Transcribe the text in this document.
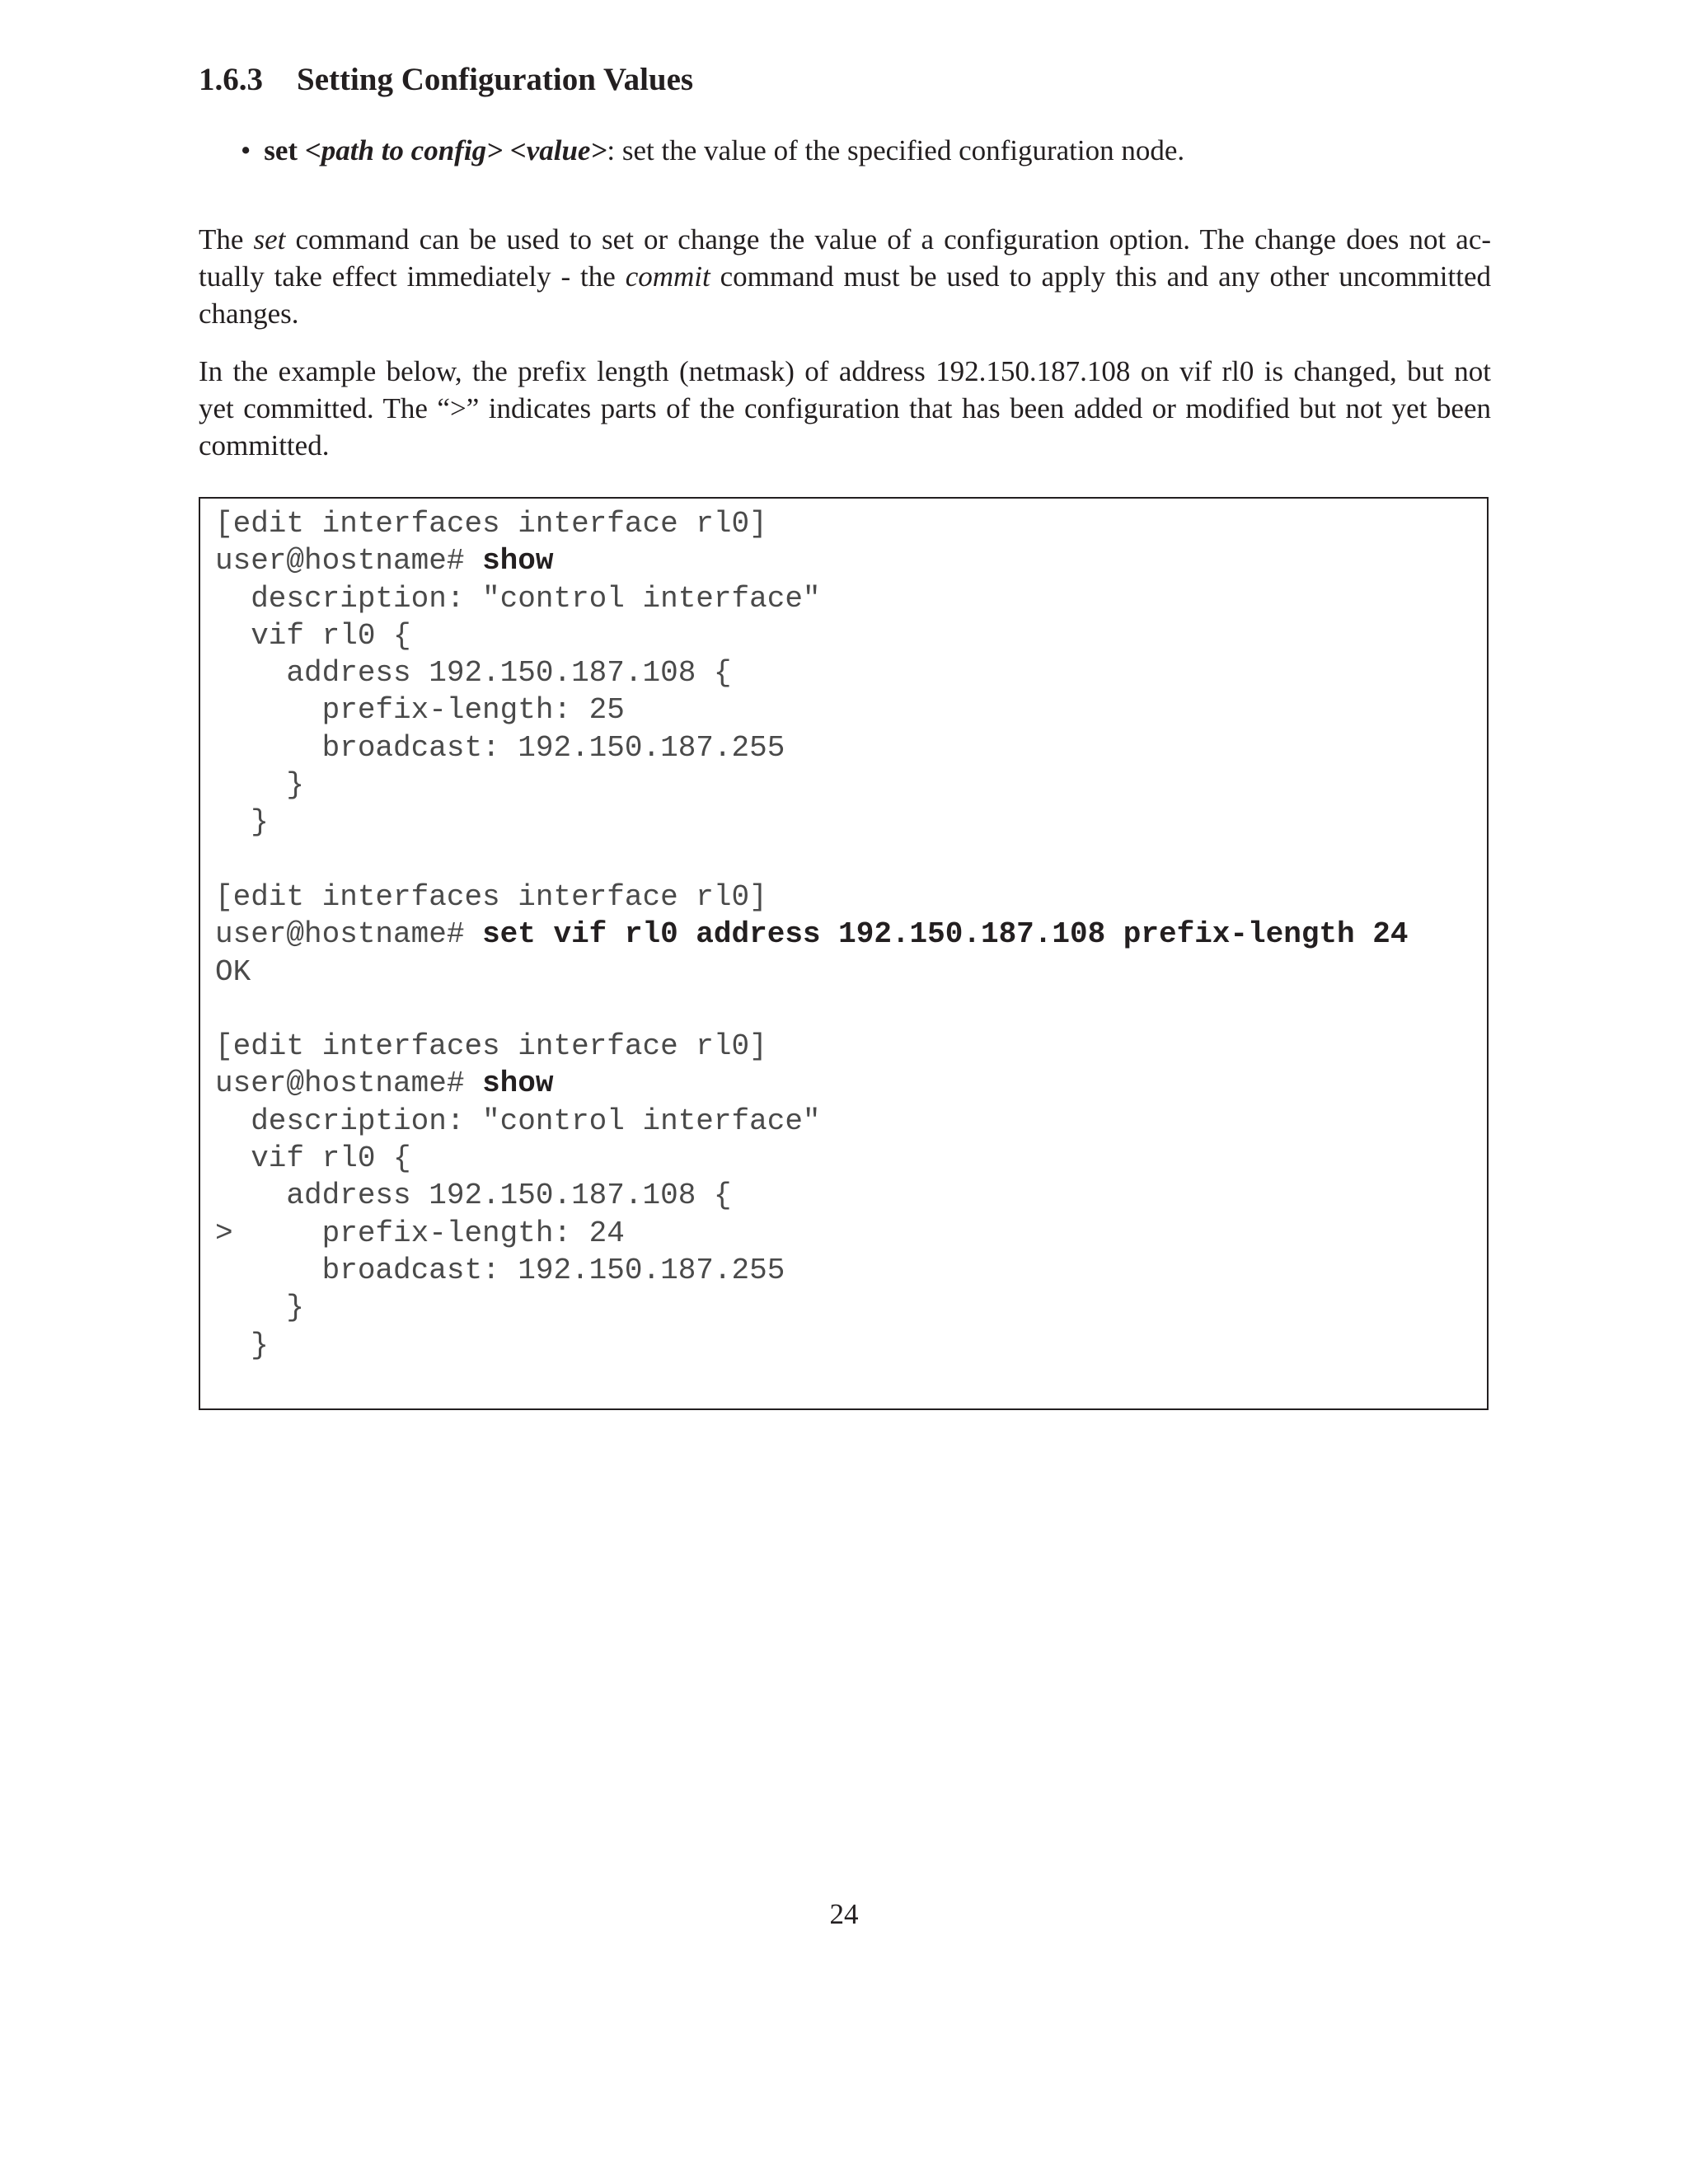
1.6.3 Setting Configuration Values
• set <path to config> <value>: set the value of the specified configuration node.

The set command can be used to set or change the value of a configuration option. The change does not ac-
tually take effect immediately - the commit command must be used to apply this and any other uncommitted
changes.

In the example below, the prefix length (netmask) of address 192.150.187.108 on vif rl0 is changed, but not
yet committed. The “>” indicates parts of the configuration that has been added or modified but not yet been
committed.

[edit interfaces interface rl0]
user@hostname# show
description: "control interface"
vif rl0 {
address 192.150.187.108 {
prefix-length: 25
broadcast: 192.150.187.255
}
}

[edit interfaces interface rl0]
user@hostname# set vif rl0 address 192.150.187.108 prefix-length 24
OK

[edit interfaces interface rl0]
user@hostname# show
description: "control interface"
vif rl0 {
address 192.150.187.108 {
>     prefix-length: 24
broadcast: 192.150.187.255
}
}
24
